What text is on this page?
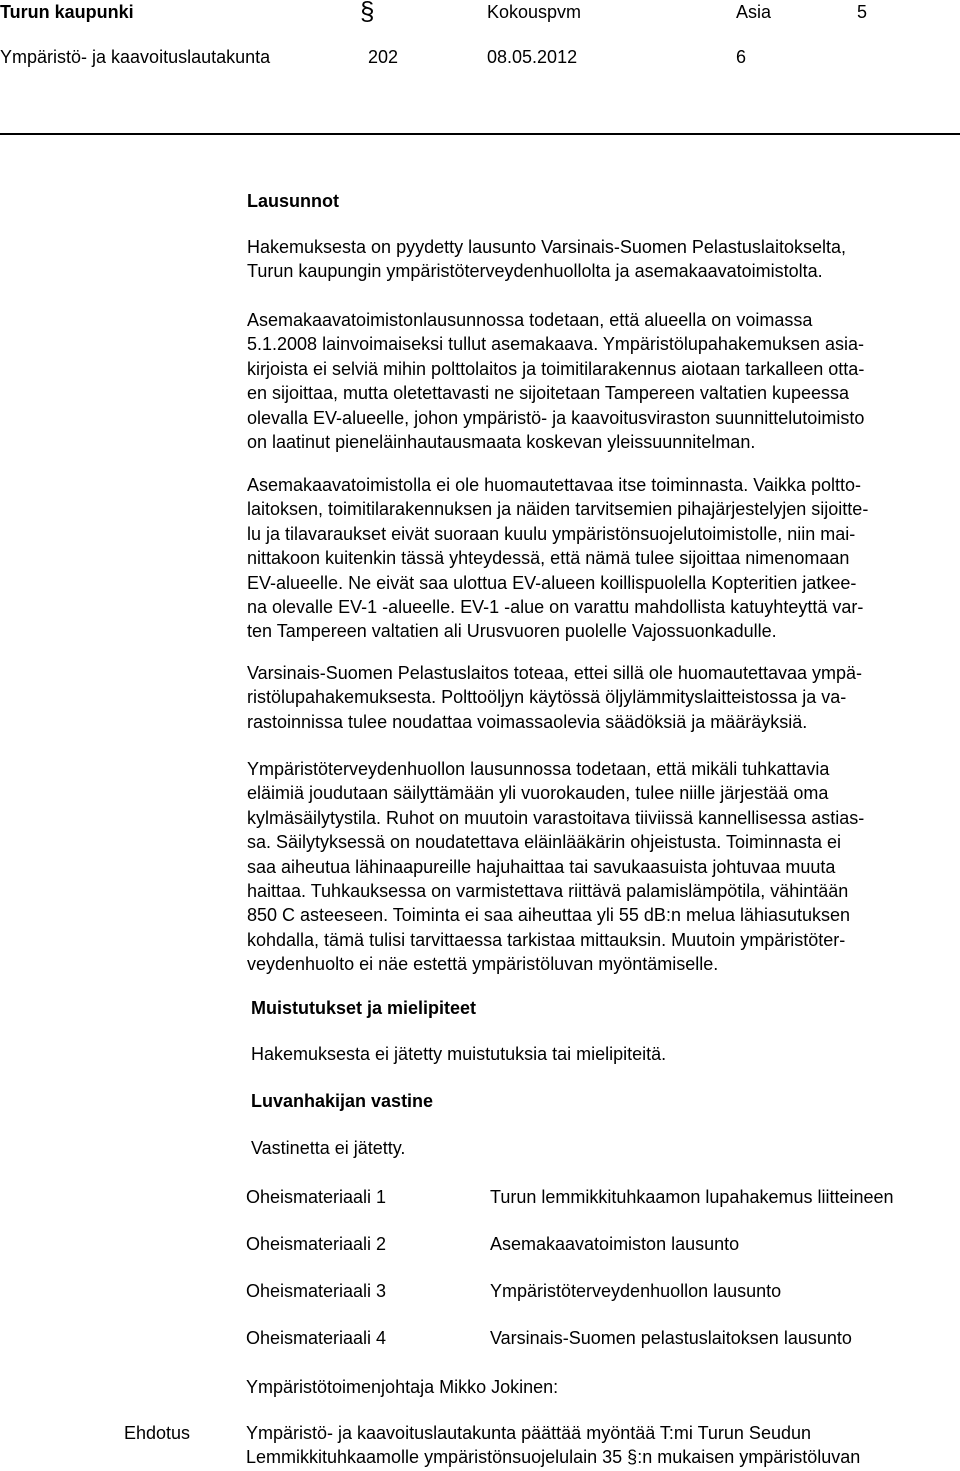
Turun kaupunki	§	Kokouspvm	Asia	5
Ympäristö- ja kaavoituslautakunta	202	08.05.2012	6
Lausunnot
Hakemuksesta on pyydetty lausunto Varsinais-Suomen Pelastuslaitokselta,
Turun kaupungin ympäristöterveydenhuollolta ja asemakaavatoimistolta.
Asemakaavatoimistonlausunnossa todetaan, että alueella on voimassa
5.1.2008 lainvoimaiseksi tullut asemakaava. Ympäristölupahakemuksen asia-
kirjoista ei selviä mihin polttolaitos ja toimitilarakennus aiotaan tarkalleen otta-
en sijoittaa, mutta oletettavasti ne sijoitetaan Tampereen valtatien kupeessa
olevalla EV-alueelle, johon ympäristö- ja kaavoitusviraston suunnittelutoimisto
on laatinut pieneläinhautausmaata koskevan yleissuunnitelman.
Asemakaavatoimistolla ei ole huomautettavaa itse toiminnasta. Vaikka poltto-
laitoksen, toimitilarakennuksen ja näiden tarvitsemien pihajärjestelyjen sijoitte-
lu ja tilavaraukset eivät suoraan kuulu ympäristönsuojelutoimistolle, niin mai-
nittakoon kuitenkin tässä yhteydessä, että nämä tulee sijoittaa nimenomaan
EV-alueelle. Ne eivät saa ulottua EV-alueen koillispuolella Kopteritien jatkee-
na olevalle EV-1 -alueelle. EV-1 -alue on varattu mahdollista katuyhteyttä var-
ten Tampereen valtatien ali Urusvuoren puolelle Vajossuonkadulle.
Varsinais-Suomen Pelastuslaitos toteaa, ettei sillä ole huomautettavaa ympä-
ristölupahakemuksesta. Polttoöljyn käytössä öljylämmityslaitteistossa ja va-
rastoinnissa tulee noudattaa voimassaolevia säädöksiä ja määräyksiä.
Ympäristöterveydenhuollon lausunnossa todetaan, että mikäli tuhkattavia
eläimiä joudutaan säilyttämään yli vuorokauden, tulee niille järjestää oma
kylmäsäilytystila. Ruhot on muutoin varastoitava tiiviissä kannellisessa astias-
sa. Säilytyksessä on noudatettava eläinlääkärin ohjeistusta. Toiminnasta ei
saa aiheutua lähinaapureille hajuhaittaa tai savukaasuista johtuvaa muuta
haittaa. Tuhkauksessa on varmistettava riittävä palamislämpötila, vähintään
850 C asteeseen. Toiminta ei saa aiheuttaa yli 55 dB:n melua lähiasutuksen
kohdalla, tämä tulisi tarvittaessa tarkistaa mittauksin. Muutoin ympäristöter-
veydenhuolto ei näe estettä ympäristöluvan myöntämiselle.
Muistutukset ja mielipiteet
Hakemuksesta ei jätetty muistutuksia tai mielipiteitä.
Luvanhakijan vastine
Vastinetta ei jätetty.
Oheismateriaali 1	Turun lemmikkituhkaamon lupahakemus liitteineen
Oheismateriaali 2	Asemakaavatoimiston lausunto
Oheismateriaali 3	Ympäristöterveydenhuollon lausunto
Oheismateriaali 4	Varsinais-Suomen pelastuslaitoksen lausunto
Ympäristötoimenjohtaja Mikko Jokinen:
Ehdotus	Ympäristö- ja kaavoituslautakunta päättää myöntää T:mi Turun Seudun
Lemmikkituhkaamolle ympäristönsuojelulain 35 §:n mukaisen ympäristöluvan
